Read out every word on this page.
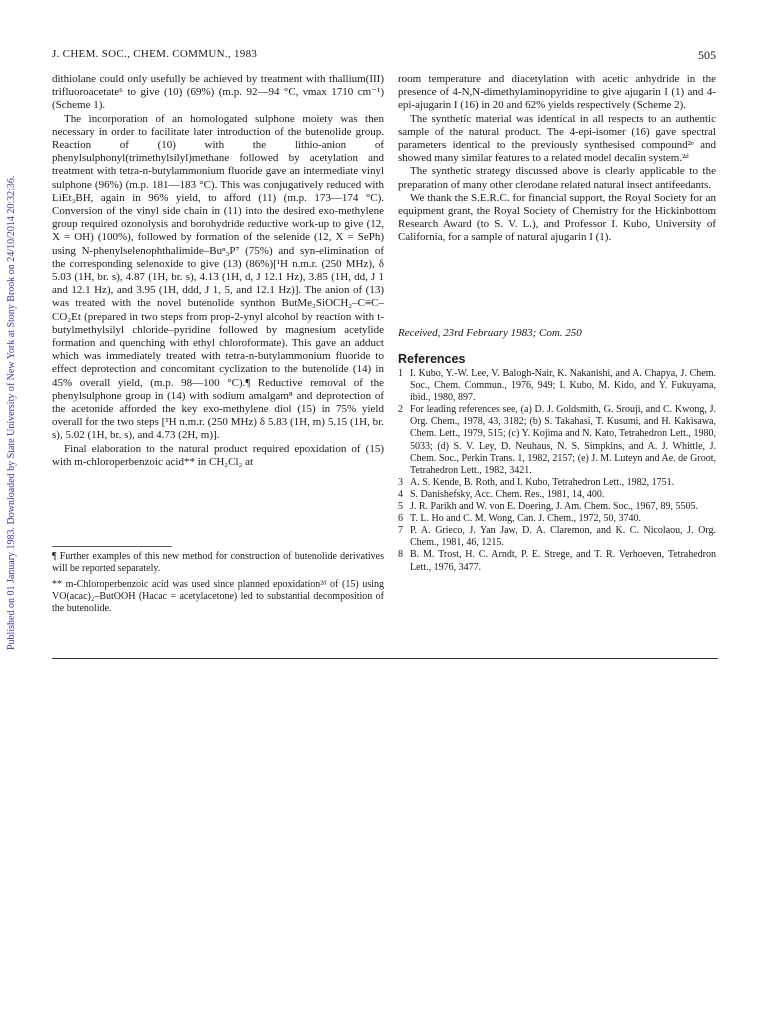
Published on 01 January 1983. Downloaded by State University of New York at Stony Brook on 24/10/2014 20:32:36.
J. CHEM. SOC., CHEM. COMMUN., 1983	505

dithiolane could only usefully be achieved by treatment with thallium(III) trifluoroacetate⁶ to give (10) (69%) (m.p. 92—94 °C, νmax 1710 cm⁻¹) (Scheme 1).

The incorporation of an homologated sulphone moiety was then necessary in order to facilitate later introduction of the butenolide group. Reaction of (10) with the lithio-anion of phenylsulphonyl(trimethylsilyl)methane followed by acetylation and treatment with tetra-n-butylammonium fluoride gave an intermediate vinyl sulphone (96%) (m.p. 181—183 °C). This was conjugatively reduced with LiEt₃BH, again in 96% yield, to afford (11) (m.p. 173—174 °C). Conversion of the vinyl side chain in (11) into the desired exo-methylene group required ozonolysis and borohydride reductive work-up to give (12, X = OH) (100%), followed by formation of the selenide (12, X = SePh) using N-phenylselenophthalimide–Buⁿ₃P⁷ (75%) and syn-elimination of the corresponding selenoxide to give (13) (86%)[¹H n.m.r. (250 MHz), δ 5.03 (1H, br. s), 4.87 (1H, br. s), 4.13 (1H, d, J 12.1 Hz), 3.85 (1H, dd, J 1 and 12.1 Hz), and 3.95 (1H, ddd, J 1, 5, and 12.1 Hz)]. The anion of (13) was treated with the novel butenolide synthon ButMe₂SiOCH₂–C≡C–CO₂Et (prepared in two steps from prop-2-ynyl alcohol by reaction with t-butylmethylsilyl chloride–pyridine followed by magnesium acetylide formation and quenching with ethyl chloroformate). This gave an adduct which was immediately treated with tetra-n-butylammonium fluoride to effect deprotection and concomitant cyclization to the butenolide (14) in 45% overall yield, (m.p. 98—100 °C).¶ Reductive removal of the phenylsulphone group in (14) with sodium amalgam⁸ and deprotection of the acetonide afforded the key exo-methylene diol (15) in 75% yield overall for the two steps [¹H n.m.r. (250 MHz) δ 5.83 (1H, m) 5.15 (1H, br. s), 5.02 (1H, br. s), and 4.73 (2H, m)].

Final elaboration to the natural product required epoxidation of (15) with m-chloroperbenzoic acid** in CH₂Cl₂ at

¶ Further examples of this new method for construction of butenolide derivatives will be reported separately.

** m-Chloroperbenzoic acid was used since planned epoxidation²ᵈ of (15) using VO(acac)₂–ButOOH (Hacac = acetylacetone) led to substantial decomposition of the butenolide.

room temperature and diacetylation with acetic anhydride in the presence of 4-N,N-dimethylaminopyridine to give ajugarin I (1) and 4-epi-ajugarin I (16) in 20 and 62% yields respectively (Scheme 2).

The synthetic material was identical in all respects to an authentic sample of the natural product. The 4-epi-isomer (16) gave spectral parameters identical to the previously synthesised compound²ᵉ and showed many similar features to a related model decalin system.²ᵈ

The synthetic strategy discussed above is clearly applicable to the preparation of many other clerodane related natural insect antifeedants.

We thank the S.E.R.C. for financial support, the Royal Society for an equipment grant, the Royal Society of Chemistry for the Hickinbottom Research Award (to S. V. L.), and Professor I. Kubo, University of California, for a sample of natural ajugarin I (1).

Received, 23rd February 1983; Com. 250
References
1 I. Kubo, Y.-W. Lee, V. Balogh-Nair, K. Nakanishi, and A. Chapya, J. Chem. Soc., Chem. Commun., 1976, 949; I. Kubo, M. Kido, and Y. Fukuyama, ibid., 1980, 897.
2 For leading references see, (a) D. J. Goldsmith, G. Srouji, and C. Kwong, J. Org. Chem., 1978, 43, 3182; (b) S. Takahasi, T. Kusumi, and H. Kakisawa, Chem. Lett., 1979, 515; (c) Y. Kojima and N. Kato, Tetrahedron Lett., 1980, 5033; (d) S. V. Ley, D. Neuhaus, N. S. Simpkins, and A. J. Whittle, J. Chem. Soc., Perkin Trans. 1, 1982, 2157; (e) J. M. Luteyn and Ae. de Groot, Tetrahedron Lett., 1982, 3421.
3 A. S. Kende, B. Roth, and I. Kubo, Tetrahedron Lett., 1982, 1751.
4 S. Danishefsky, Acc. Chem. Res., 1981, 14, 400.
5 J. R. Parikh and W. von E. Doering, J. Am. Chem. Soc., 1967, 89, 5505.
6 T. L. Ho and C. M. Wong, Can. J. Chem., 1972, 50, 3740.
7 P. A. Grieco, J. Yan Jaw, D. A. Claremon, and K. C. Nicolaou, J. Org. Chem., 1981, 46, 1215.
8 B. M. Trost, H. C. Arndt, P. E. Strege, and T. R. Verhoeven, Tetrahedron Lett., 1976, 3477.
